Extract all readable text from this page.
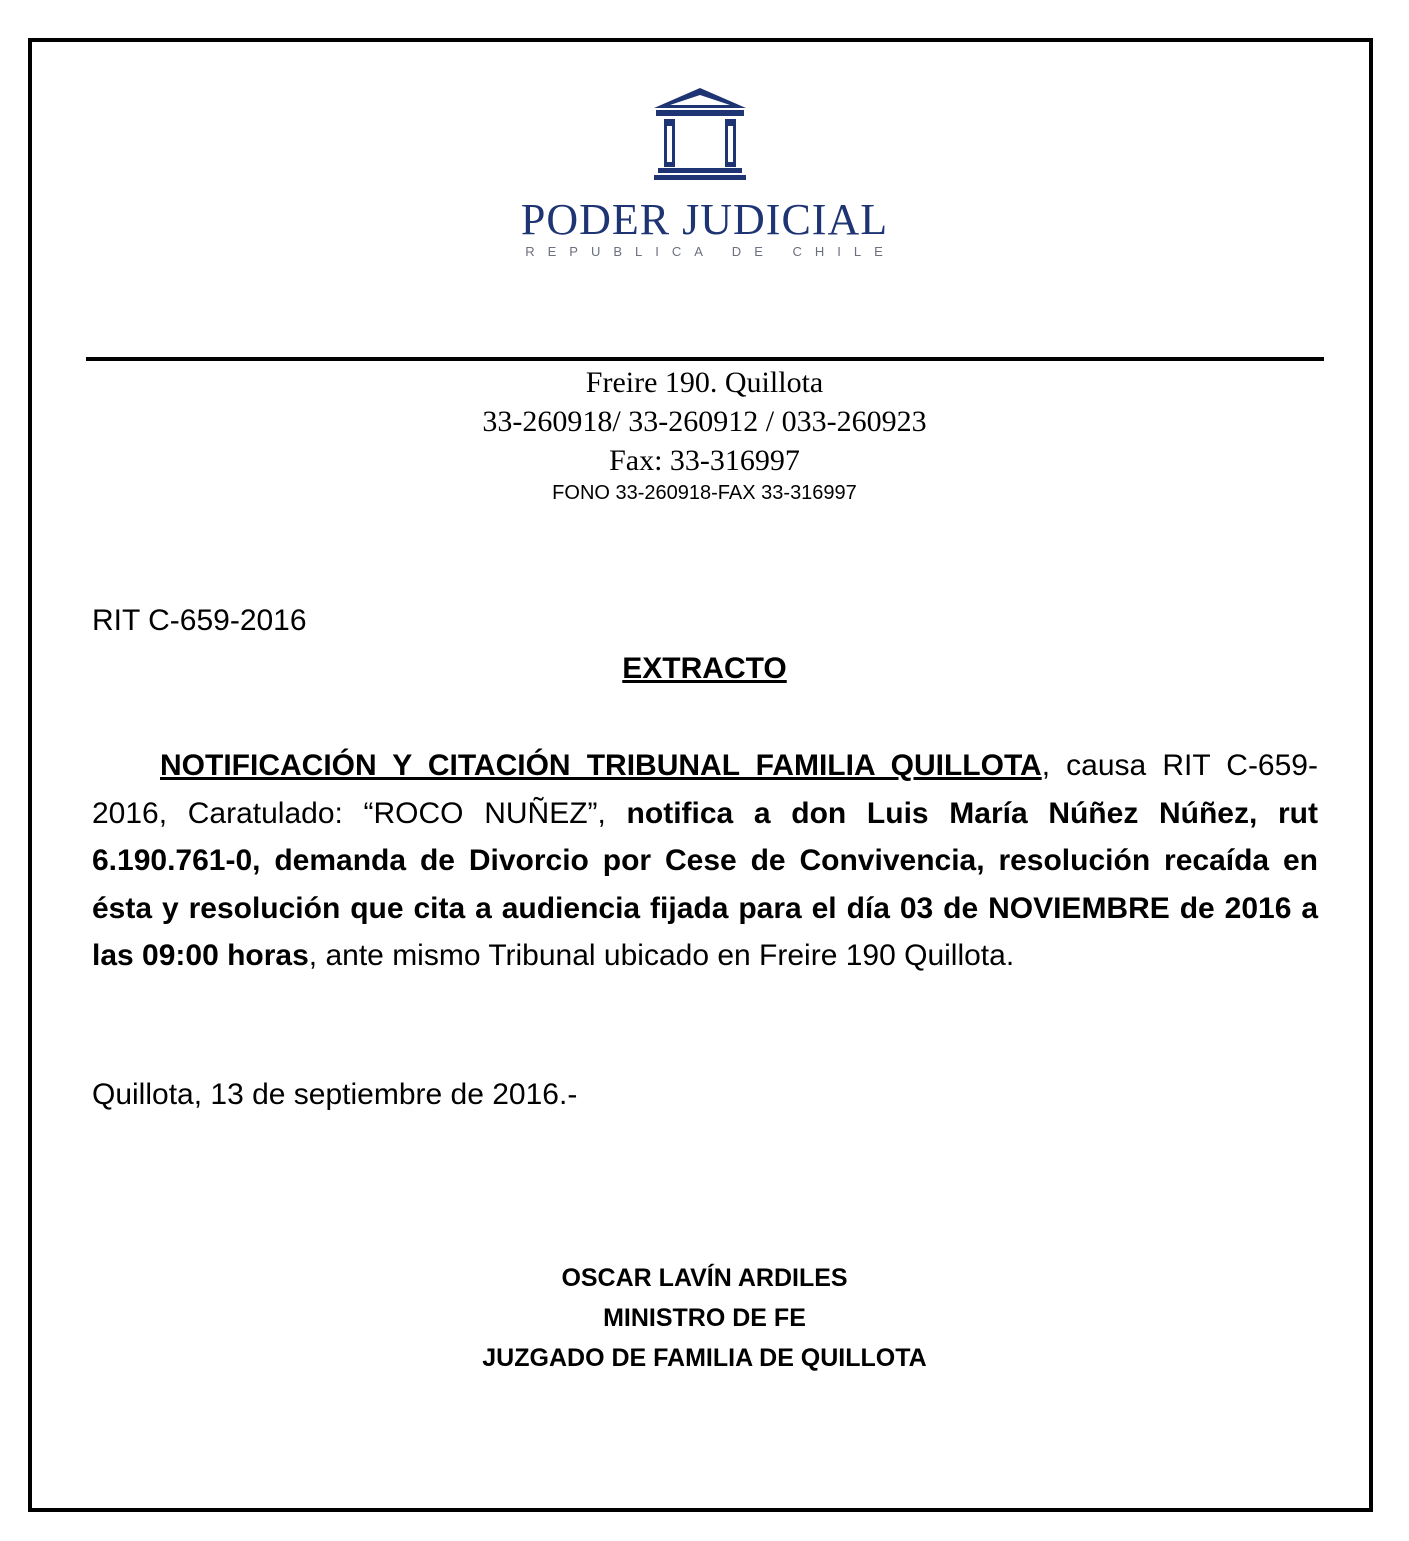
PODER JUDICIAL
REPUBLICA DE CHILE
Freire 190. Quillota
33-260918/ 33-260912 / 033-260923
Fax: 33-316997
FONO 33-260918-FAX 33-316997
RIT C-659-2016
EXTRACTO
NOTIFICACIÓN Y CITACIÓN TRIBUNAL FAMILIA QUILLOTA, causa RIT C-659-2016, Caratulado: “ROCO NUÑEZ”, notifica a don Luis María Núñez Núñez, rut 6.190.761-0, demanda de Divorcio por Cese de Convivencia, resolución recaída en ésta y resolución que cita a audiencia fijada para el día 03 de NOVIEMBRE de 2016 a las 09:00 horas, ante mismo Tribunal ubicado en Freire 190 Quillota.
Quillota, 13 de septiembre de 2016.-
OSCAR LAVÍN ARDILES
MINISTRO DE FE
JUZGADO DE FAMILIA DE QUILLOTA
